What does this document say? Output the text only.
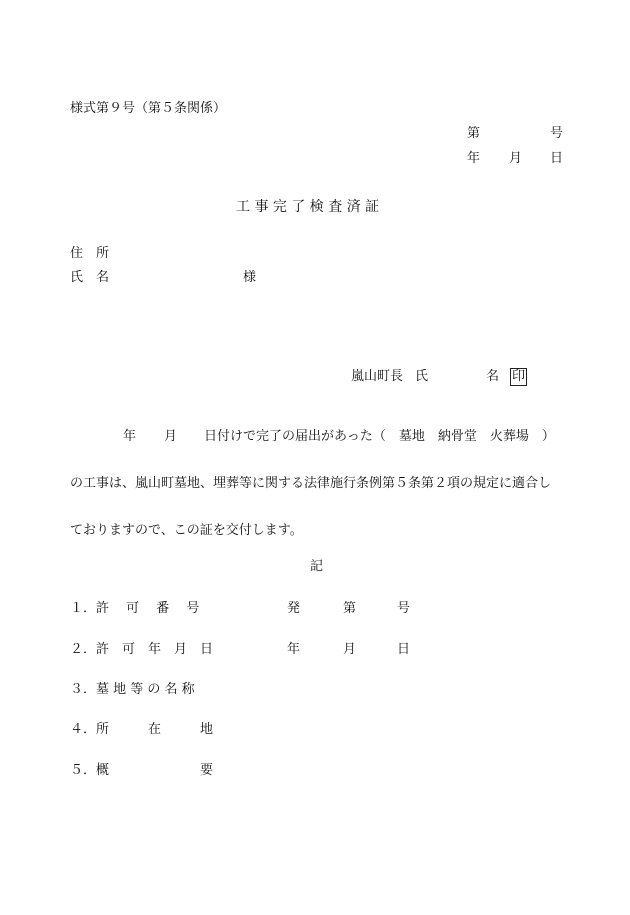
様式第９号（第５条関係）
第	号
年 月 日
工 事 完 了 検 査 済 証
住　所
氏　名	様
嵐山町長 氏	名 印
年 月 日付けで完了の届出があった（　墓地　納骨堂　火葬場　）
の工事は、嵐山町墓地、埋葬等に関する法律施行条例第５条第２項の規定に適合し
ておりますので、この証を交付します。
記
１．許　 可　 番　 号	発	第	号
２．許　可　年　月　日	年	月	日
３．墓 地 等 の 名 称
４．所　　　在　　　地
５．概　　　　　　　要
